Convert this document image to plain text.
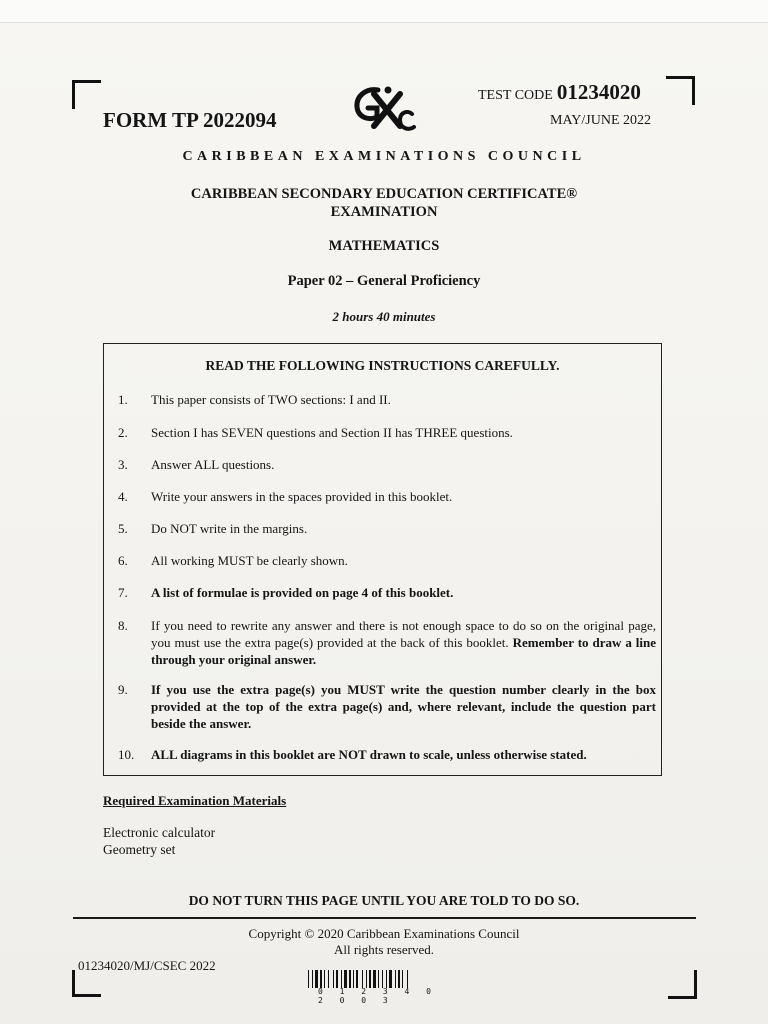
FORM TP 2022094
TEST CODE 01234020
MAY/JUNE 2022
CARIBBEAN EXAMINATIONS COUNCIL
CARIBBEAN SECONDARY EDUCATION CERTIFICATE®
EXAMINATION
MATHEMATICS
Paper 02 – General Proficiency
2 hours 40 minutes
READ THE FOLLOWING INSTRUCTIONS CAREFULLY.
1. This paper consists of TWO sections: I and II.
2. Section I has SEVEN questions and Section II has THREE questions.
3. Answer ALL questions.
4. Write your answers in the spaces provided in this booklet.
5. Do NOT write in the margins.
6. All working MUST be clearly shown.
7. A list of formulae is provided on page 4 of this booklet.
8. If you need to rewrite any answer and there is not enough space to do so on the original page, you must use the extra page(s) provided at the back of this booklet. Remember to draw a line through your original answer.
9. If you use the extra page(s) you MUST write the question number clearly in the box provided at the top of the extra page(s) and, where relevant, include the question part beside the answer.
10. ALL diagrams in this booklet are NOT drawn to scale, unless otherwise stated.
Required Examination Materials
Electronic calculator
Geometry set
DO NOT TURN THIS PAGE UNTIL YOU ARE TOLD TO DO SO.
Copyright © 2020 Caribbean Examinations Council
All rights reserved.
01234020/MJ/CSEC 2022
0 1 2 3 4 0 2 0 0 3
